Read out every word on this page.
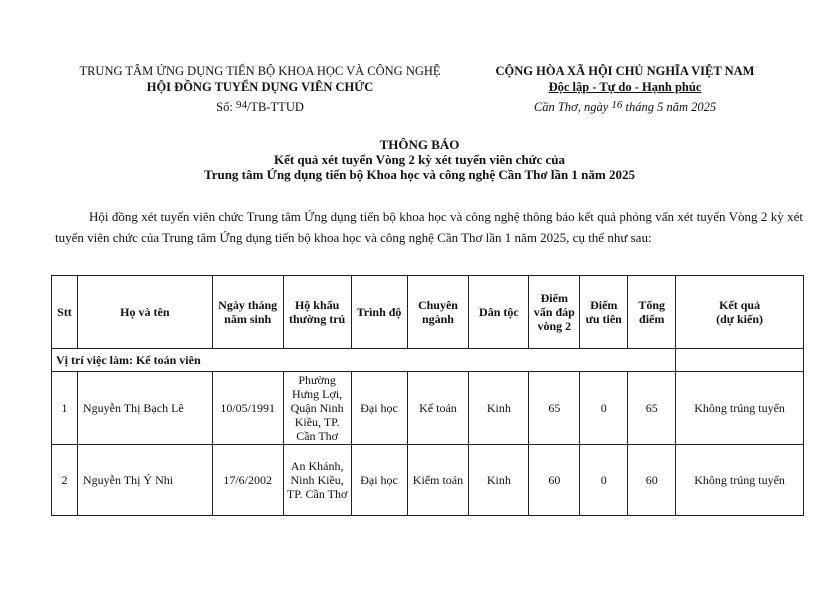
TRUNG TÂM ỨNG DỤNG TIẾN BỘ KHOA HỌC VÀ CÔNG NGHỆ
HỘI ĐỒNG TUYỂN DỤNG VIÊN CHỨC
Số: 94/TB-TTUD
CỘNG HÒA XÃ HỘI CHỦ NGHĨA VIỆT NAM
Độc lập - Tự do - Hạnh phúc
Cần Thơ, ngày 16 tháng 5 năm 2025
THÔNG BÁO
Kết quả xét tuyển Vòng 2 kỳ xét tuyển viên chức của
Trung tâm Ứng dụng tiến bộ Khoa học và công nghệ Cần Thơ lần 1 năm 2025
Hội đồng xét tuyển viên chức Trung tâm Ứng dụng tiến bộ khoa học và công nghệ thông báo kết quả phỏng vấn xét tuyển Vòng 2 kỳ xét tuyển viên chức của Trung tâm Ứng dụng tiến bộ khoa học và công nghệ Cần Thơ lần 1 năm 2025, cụ thể như sau:
Stt	Họ và tên	Ngày tháng năm sinh	Hộ khẩu thường trú	Trình độ	Chuyên ngành	Dân tộc	Điểm vấn đáp vòng 2	Điểm ưu tiên	Tổng điểm	Kết quả
(dự kiến)

Vị trí việc làm: Kế toán viên										
1	Nguyễn Thị Bạch Lê	10/05/1991	Phường Hưng Lợi, Quận Ninh Kiều, TP. Cần Thơ	Đại học	Kế toán	Kinh	65	0	65	Không trúng tuyển
2	Nguyễn Thị Ý Nhi	17/6/2002	An Khánh, Ninh Kiều, TP. Cần Thơ	Đại học	Kiểm toán	Kinh	60	0	60	Không trúng tuyển
